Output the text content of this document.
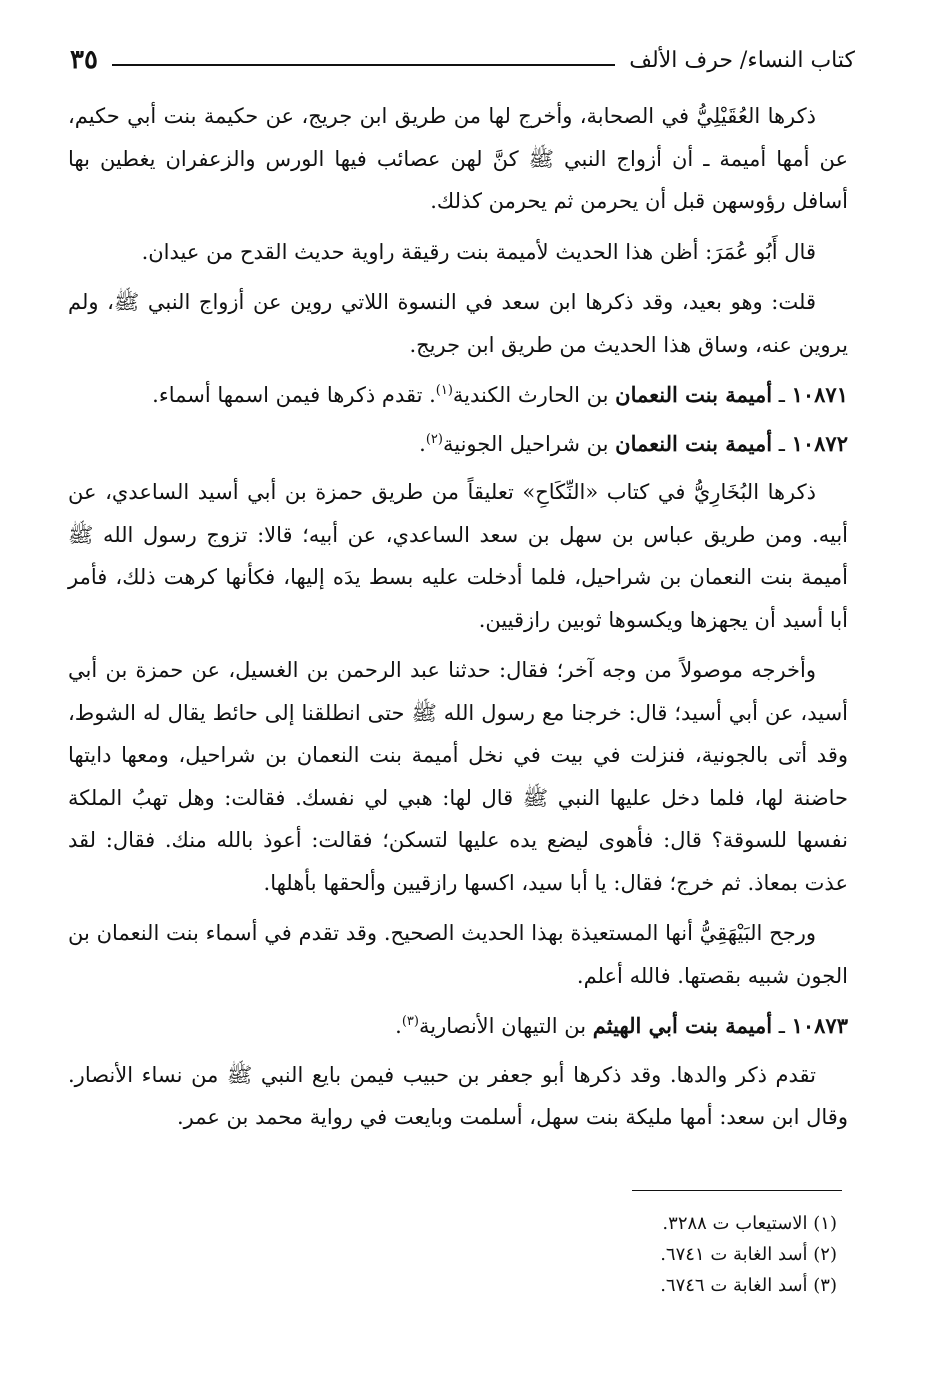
كتاب النساء/ حرف الألف
٣٥

ذكرها العُقَيْلِيُّ في الصحابة، وأخرج لها من طريق ابن جريج، عن حكيمة بنت أبي حكيم، عن أمها أميمة ـ أن أزواج النبي ﷺ كنَّ لهن عصائب فيها الورس والزعفران يغطين بها أسافل رؤوسهن قبل أن يحرمن ثم يحرمن كذلك.

قال أَبُو عُمَرَ: أظن هذا الحديث لأميمة بنت رقيقة راوية حديث القدح من عيدان.

قلت: وهو بعيد، وقد ذكرها ابن سعد في النسوة اللاتي روين عن أزواج النبي ﷺ، ولم يروين عنه، وساق هذا الحديث من طريق ابن جريج.

١٠٨٧١ ـ أميمة بنت النعمان بن الحارث الكندية$^{(١)}$. تقدم ذكرها فيمن اسمها أسماء.

١٠٨٧٢ ـ أميمة بنت النعمان بن شراحيل الجونية$^{(٢)}$.

ذكرها البُخَارِيُّ في كتاب «النِّكَاحِ» تعليقاً من طريق حمزة بن أبي أسيد الساعدي، عن أبيه. ومن طريق عباس بن سهل بن سعد الساعدي، عن أبيه؛ قالا: تزوج رسول الله ﷺ أميمة بنت النعمان بن شراحيل، فلما أدخلت عليه بسط يدَه إليها، فكأنها كرهت ذلك، فأمر أبا أسيد أن يجهزها ويكسوها ثوبين رازقيين.

وأخرجه موصولاً من وجه آخر؛ فقال: حدثنا عبد الرحمن بن الغسيل، عن حمزة بن أبي أسيد، عن أبي أسيد؛ قال: خرجنا مع رسول الله ﷺ حتى انطلقنا إلى حائط يقال له الشوط، وقد أتى بالجونية، فنزلت في بيت في نخل أميمة بنت النعمان بن شراحيل، ومعها دايتها حاضنة لها، فلما دخل عليها النبي ﷺ قال لها: هبي لي نفسك. فقالت: وهل تهبُ الملكة نفسها للسوقة؟ قال: فأهوى ليضع يده عليها لتسكن؛ فقالت: أعوذ بالله منك. فقال: لقد عذت بمعاذ. ثم خرج؛ فقال: يا أبا سيد، اكسها رازقيين وألحقها بأهلها.

ورجح البَيْهَقِيُّ أنها المستعيذة بهذا الحديث الصحيح. وقد تقدم في أسماء بنت النعمان بن الجون شبيه بقصتها. فالله أعلم.

١٠٨٧٣ ـ أميمة بنت أبي الهيثم بن التيهان الأنصارية$^{(٣)}$.

تقدم ذكر والدها. وقد ذكرها أبو جعفر بن حبيب فيمن بايع النبي ﷺ من نساء الأنصار. وقال ابن سعد: أمها مليكة بنت سهل، أسلمت وبايعت في رواية محمد بن عمر.

(١) الاستيعاب ت ٣٢٨٨.
(٢) أسد الغابة ت ٦٧٤١.
(٣) أسد الغابة ت ٦٧٤٦.
